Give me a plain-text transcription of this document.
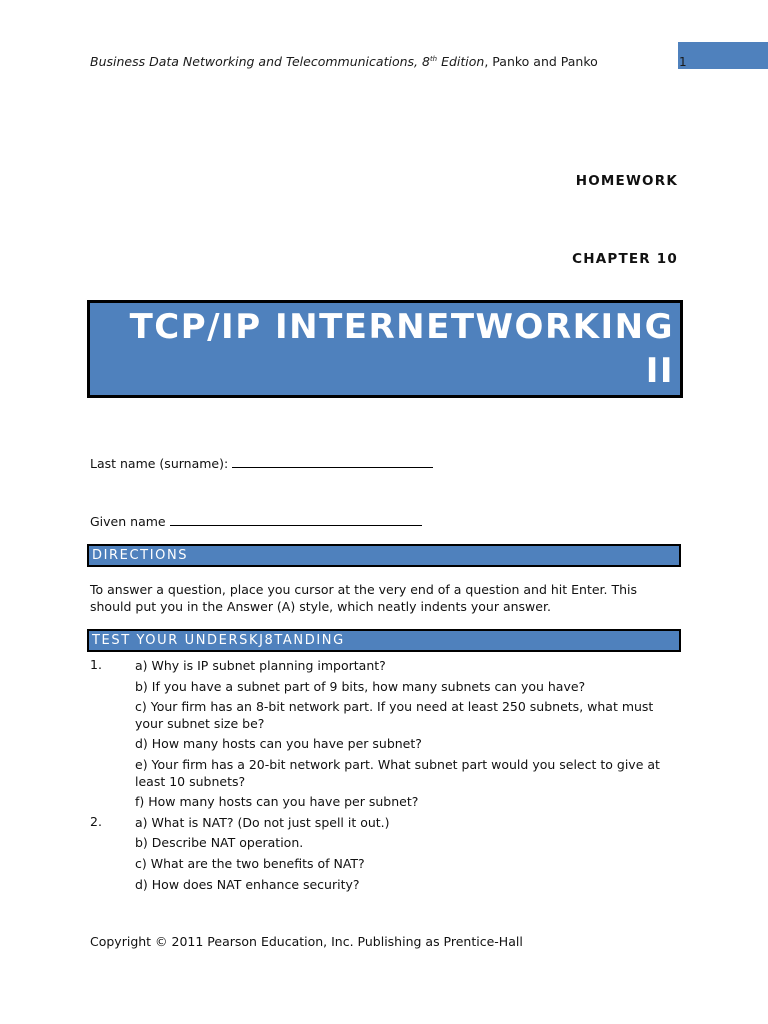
Business Data Networking and Telecommunications, 8th Edition, Panko and Panko	1
HOMEWORK
CHAPTER 10
TCP/IP INTERNETWORKING
II
Last name (surname):
Given name
DIRECTIONS
To answer a question, place you cursor at the very end of a question and hit Enter. This should put you in the Answer (A) style, which neatly indents your answer.
TEST YOUR UNDERSKJ8TANDING
1.	a) Why is IP subnet planning important?
b) If you have a subnet part of 9 bits, how many subnets can you have?
c) Your firm has an 8-bit network part. If you need at least 250 subnets, what must your subnet size be?
d) How many hosts can you have per subnet?
e) Your firm has a 20-bit network part. What subnet part would you select to give at least 10 subnets?
f) How many hosts can you have per subnet?
2.	a) What is NAT? (Do not just spell it out.)
b) Describe NAT operation.
c) What are the two benefits of NAT?
d) How does NAT enhance security?
Copyright © 2011 Pearson Education, Inc. Publishing as Prentice-Hall
